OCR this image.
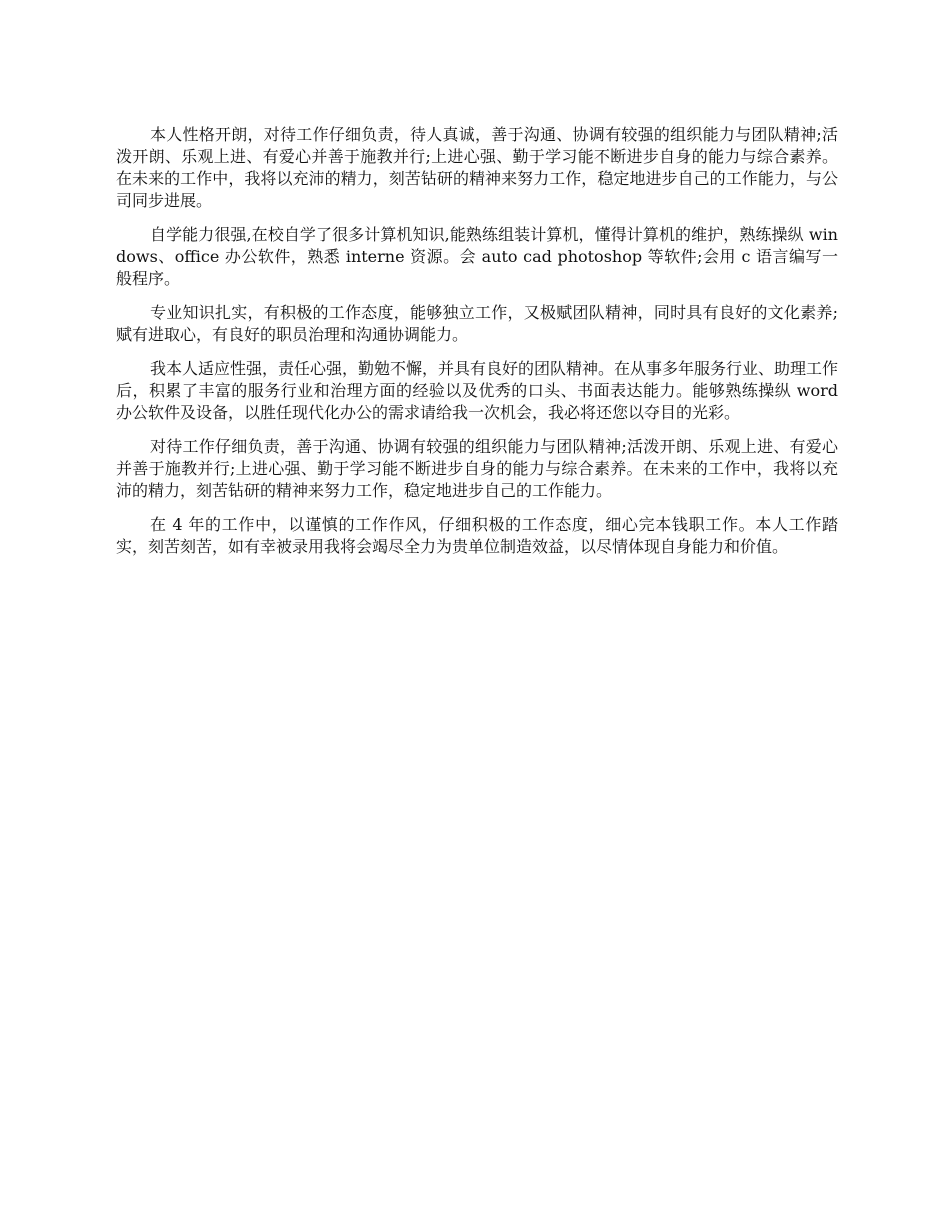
本人性格开朗，对待工作仔细负责，待人真诚，善于沟通、协调有较强的组织能力与团队精神;活泼开朗、乐观上进、有爱心并善于施教并行;上进心强、勤于学习能不断进步自身的能力与综合素养。在未来的工作中，我将以充沛的精力，刻苦钻研的精神来努力工作，稳定地进步自己的工作能力，与公司同步进展。

自学能力很强,在校自学了很多计算机知识,能熟练组装计算机，懂得计算机的维护，熟练操纵 windows、office 办公软件，熟悉 interne 资源。会 auto cad photoshop 等软件;会用 c 语言编写一般程序。

专业知识扎实，有积极的工作态度，能够独立工作，又极赋团队精神，同时具有良好的文化素养;赋有进取心，有良好的职员治理和沟通协调能力。

我本人适应性强，责任心强，勤勉不懈，并具有良好的团队精神。在从事多年服务行业、助理工作后，积累了丰富的服务行业和治理方面的经验以及优秀的口头、书面表达能力。能够熟练操纵 word 办公软件及设备，以胜任现代化办公的需求请给我一次机会，我必将还您以夺目的光彩。

对待工作仔细负责，善于沟通、协调有较强的组织能力与团队精神;活泼开朗、乐观上进、有爱心并善于施教并行;上进心强、勤于学习能不断进步自身的能力与综合素养。在未来的工作中，我将以充沛的精力，刻苦钻研的精神来努力工作，稳定地进步自己的工作能力。

在 4 年的工作中，以谨慎的工作作风，仔细积极的工作态度，细心完本钱职工作。本人工作踏实，刻苦刻苦，如有幸被录用我将会竭尽全力为贵单位制造效益，以尽情体现自身能力和价值。
